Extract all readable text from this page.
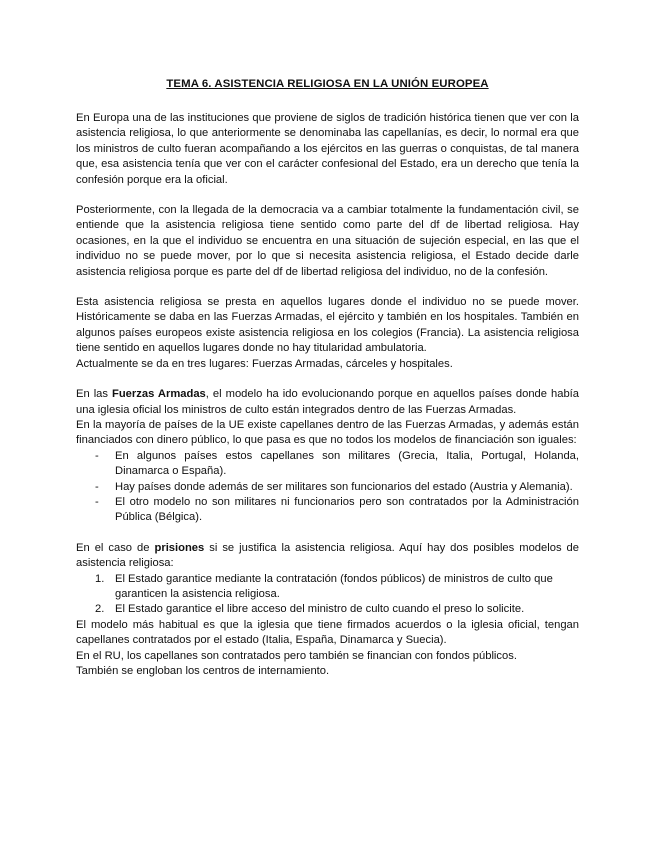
TEMA 6. ASISTENCIA RELIGIOSA EN LA UNIÓN EUROPEA

En Europa una de las instituciones que proviene de siglos de tradición histórica tienen que ver con la asistencia religiosa, lo que anteriormente se denominaba las capellanías, es decir, lo normal era que los ministros de culto fueran acompañando a los ejércitos en las guerras o conquistas, de tal manera que, esa asistencia tenía que ver con el carácter confesional del Estado, era un derecho que tenía la confesión porque era la oficial.

Posteriormente, con la llegada de la democracia va a cambiar totalmente la fundamentación civil, se entiende que la asistencia religiosa tiene sentido como parte del df de libertad religiosa. Hay ocasiones, en la que el individuo se encuentra en una situación de sujeción especial, en las que el individuo no se puede mover, por lo que si necesita asistencia religiosa, el Estado decide darle asistencia religiosa porque es parte del df de libertad religiosa del individuo, no de la confesión.

Esta asistencia religiosa se presta en aquellos lugares donde el individuo no se puede mover. Históricamente se daba en las Fuerzas Armadas, el ejército y también en los hospitales. También en algunos países europeos existe asistencia religiosa en los colegios (Francia). La asistencia religiosa tiene sentido en aquellos lugares donde no hay titularidad ambulatoria.

Actualmente se da en tres lugares: Fuerzas Armadas, cárceles y hospitales.

En las Fuerzas Armadas, el modelo ha ido evolucionando porque en aquellos países donde había una iglesia oficial los ministros de culto están integrados dentro de las Fuerzas Armadas.

En la mayoría de países de la UE existe capellanes dentro de las Fuerzas Armadas, y además están financiados con dinero público, lo que pasa es que no todos los modelos de financiación son iguales:

-	En algunos países estos capellanes son militares (Grecia, Italia, Portugal, Holanda, Dinamarca o España).
-	Hay países donde además de ser militares son funcionarios del estado (Austria y Alemania).
-	El otro modelo no son militares ni funcionarios pero son contratados por la Administración Pública (Bélgica).

En el caso de prisiones si se justifica la asistencia religiosa. Aquí hay dos posibles modelos de asistencia religiosa:

1. El Estado garantice mediante la contratación (fondos públicos) de ministros de culto que garanticen la asistencia religiosa.
2. El Estado garantice el libre acceso del ministro de culto cuando el preso lo solicite.

El modelo más habitual es que la iglesia que tiene firmados acuerdos o la iglesia oficial, tengan capellanes contratados por el estado (Italia, España, Dinamarca y Suecia).

En el RU, los capellanes son contratados pero también se financian con fondos públicos.

También se engloban los centros de internamiento.
